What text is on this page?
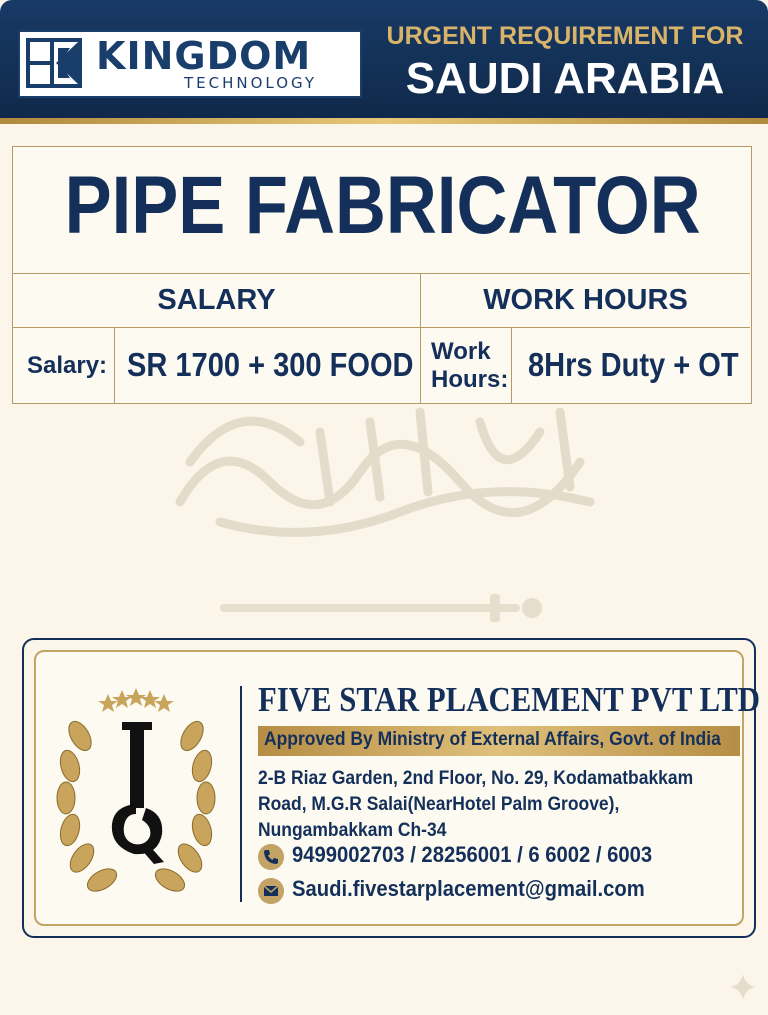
KINGDOM
TECHNOLOGY
URGENT REQUIREMENT FOR
SAUDI ARABIA
PIPE FABRICATOR
SALARY	WORK HOURS
Salary: SR 1700 + 300 FOOD Work
Hours: 8Hrs Duty + OT
FIVE STAR PLACEMENT PVT LTD
Approved By Ministry of External Affairs, Govt. of India
2-B Riaz Garden, 2nd Floor, No. 29, Kodamatbakkam
Road, M.G.R Salai(NearHotel Palm Groove),
Nungambakkam Ch-34
9499002703 / 28256001 / 6 6002 / 6003
Saudi.fivestarplacement@gmail.com
